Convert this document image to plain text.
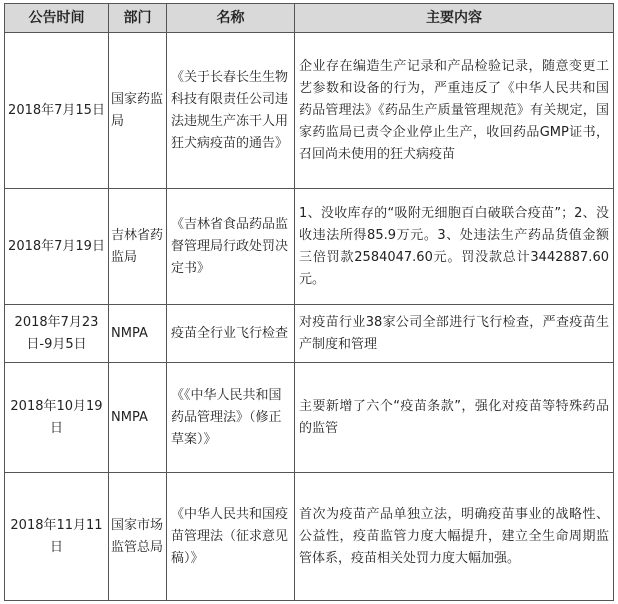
公告时间	部门	名称	主要内容
2018年7月15日	国家药监局	《关于长春长生生物科技有限责任公司违法违规生产冻干人用狂犬病疫苗的通告》	企业存在编造生产记录和产品检验记录，随意变更工艺参数和设备的行为，严重违反了《中华人民共和国药品管理法》《药品生产质量管理规范》有关规定，国家药监局已责令企业停止生产，收回药品GMP证书，召回尚未使用的狂犬病疫苗
2018年7月19日	吉林省药监局	《吉林省食品药品监督管理局行政处罚决定书》	1、没收库存的“吸附无细胞百白破联合疫苗”；2、没收违法所得85.9万元。3、处违法生产药品货值金额三倍罚款2584047.60元。罚没款总计3442887.60元。
2018年7月23日-9月5日	NMPA	疫苗全行业飞行检查	对疫苗行业38家公司全部进行飞行检查，严查疫苗生产制度和管理
2018年10月19日	NMPA	《《中华人民共和国药品管理法》（修正草案）》	主要新增了六个“疫苗条款”，强化对疫苗等特殊药品的监管
2018年11月11日	国家市场监管总局	《中华人民共和国疫苗管理法（征求意见稿）》	首次为疫苗产品单独立法，明确疫苗事业的战略性、公益性，疫苗监管力度大幅提升，建立全生命周期监管体系，疫苗相关处罚力度大幅加强。
